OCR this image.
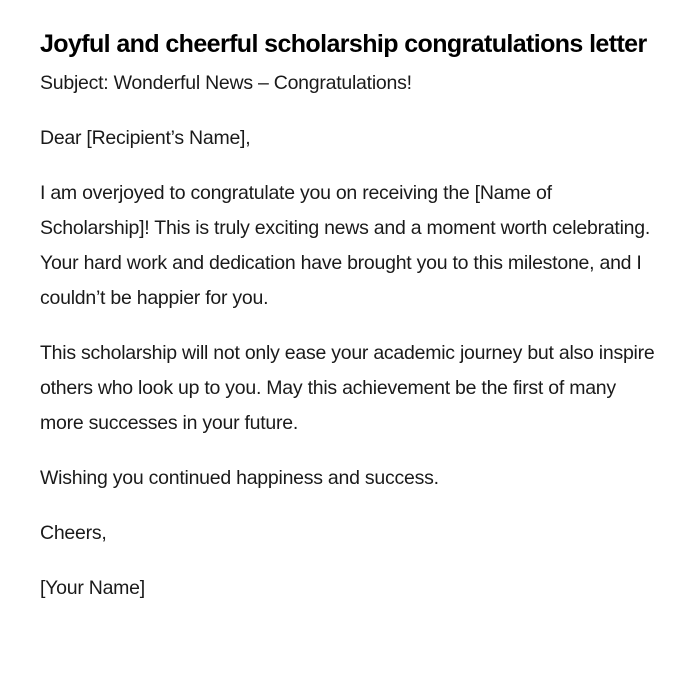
Joyful and cheerful scholarship congratulations letter

Subject: Wonderful News – Congratulations!

Dear [Recipient’s Name],

I am overjoyed to congratulate you on receiving the [Name of Scholarship]! This is truly exciting news and a moment worth celebrating. Your hard work and dedication have brought you to this milestone, and I couldn’t be happier for you.

This scholarship will not only ease your academic journey but also inspire others who look up to you. May this achievement be the first of many more successes in your future.

Wishing you continued happiness and success.

Cheers,

[Your Name]
